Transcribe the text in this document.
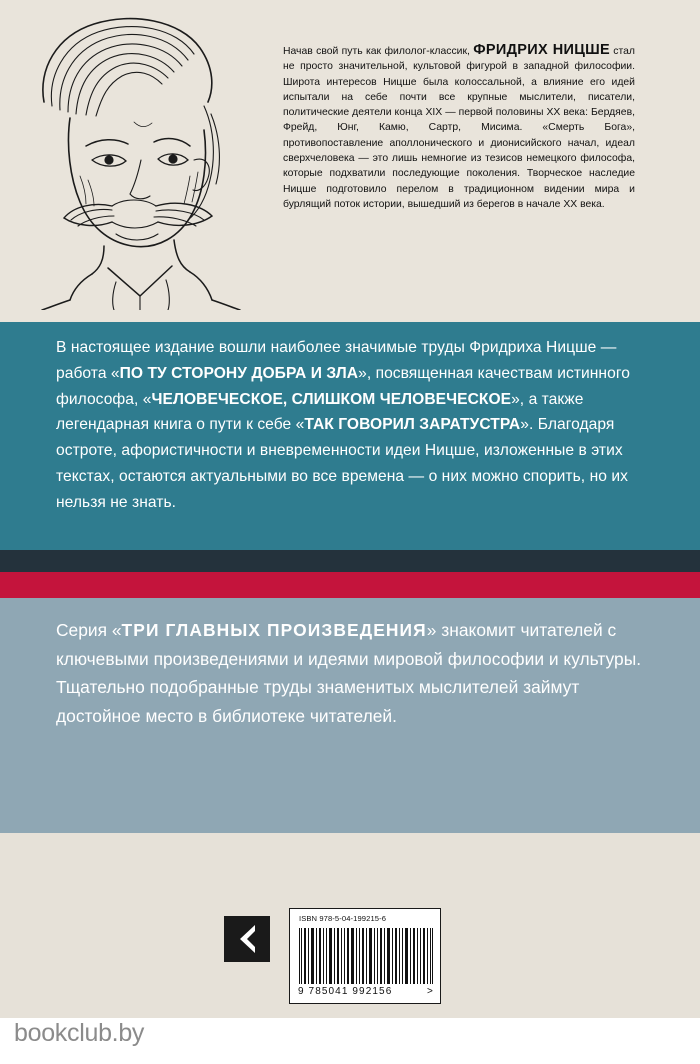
Начав свой путь как филолог-классик, ФРИДРИХ НИЦШЕ стал не просто значительной, культовой фигурой в западной философии. Широта интересов Ницше была колоссальной, а влияние его идей испытали на себе почти все крупные мыслители, писатели, политические деятели конца XIX — первой половины XX века: Бердяев, Фрейд, Юнг, Камю, Сартр, Мисима. «Смерть Бога», противопоставление аполлонического и дионисийского начал, идеал сверхчеловека — это лишь немногие из тезисов немецкого философа, которые подхватили последующие поколения. Творческое наследие Ницше подготовило перелом в традиционном видении мира и бурлящий поток истории, вышедший из берегов в начале XX века.
В настоящее издание вошли наиболее значимые труды Фридриха Ницше — работа «ПО ТУ СТОРОНУ ДОБРА И ЗЛА», посвященная качествам истинного философа, «ЧЕЛОВЕЧЕСКОЕ, СЛИШКОМ ЧЕЛОВЕЧЕСКОЕ», а также легендарная книга о пути к себе «ТАК ГОВОРИЛ ЗАРАТУСТРА». Благодаря остроте, афористичности и вневременности идеи Ницше, изложенные в этих текстах, остаются актуальными во все времена — о них можно спорить, но их нельзя не знать.
Серия «ТРИ ГЛАВНЫХ ПРОИЗВЕДЕНИЯ» знакомит читателей с ключевыми произведениями и идеями мировой философии и культуры. Тщательно подобранные труды знаменитых мыслителей займут достойное место в библиотеке читателей.
ISBN 978-5-04-199215-6
9 785041 992156	>
bookclub.by
